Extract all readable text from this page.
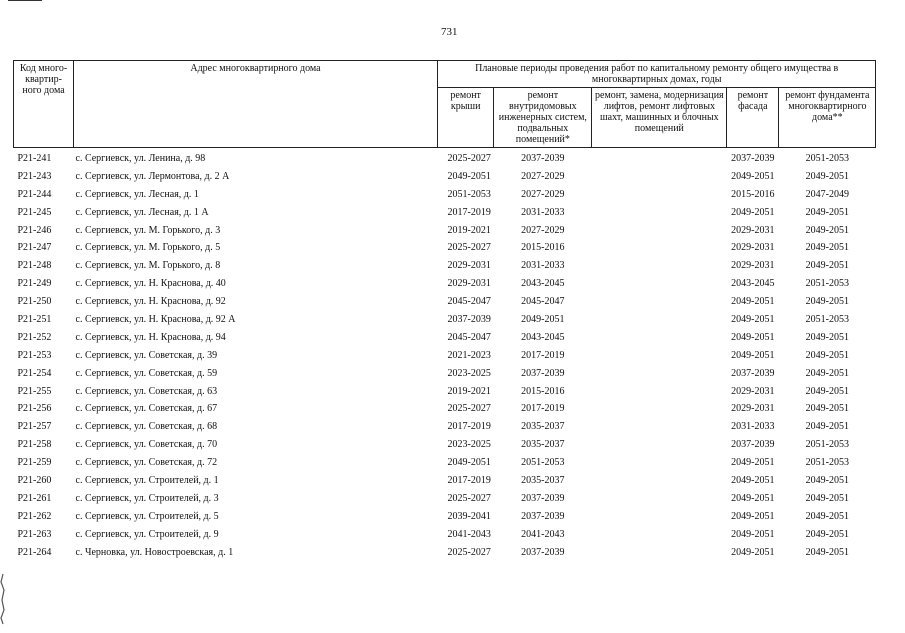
731
Код много-квартир-ного дома	Адрес многоквартирного дома	Плановые периоды проведения работ по капитальному ремонту общего имущества в многоквартирных домах, годы				
		ремонт крыши	ремонт внутридомовых инженерных систем, подвальных помещений*	ремонт, замена, модернизация лифтов, ремонт лифтовых шахт, машинных и блочных помещений	ремонт фасада	ремонт фундамента многоквартирного дома**
P21-241	с. Сергиевск, ул. Ленина, д. 98	2025-2027	2037-2039		2037-2039	2051-2053
P21-243	с. Сергиевск, ул. Лермонтова, д. 2 А	2049-2051	2027-2029		2049-2051	2049-2051
P21-244	с. Сергиевск, ул. Лесная, д. 1	2051-2053	2027-2029		2015-2016	2047-2049
P21-245	с. Сергиевск, ул. Лесная, д. 1 А	2017-2019	2031-2033		2049-2051	2049-2051
P21-246	с. Сергиевск, ул. М. Горького, д. 3	2019-2021	2027-2029		2029-2031	2049-2051
P21-247	с. Сергиевск, ул. М. Горького, д. 5	2025-2027	2015-2016		2029-2031	2049-2051
P21-248	с. Сергиевск, ул. М. Горького, д. 8	2029-2031	2031-2033		2029-2031	2049-2051
P21-249	с. Сергиевск, ул. Н. Краснова, д. 40	2029-2031	2043-2045		2043-2045	2051-2053
P21-250	с. Сергиевск, ул. Н. Краснова, д. 92	2045-2047	2045-2047		2049-2051	2049-2051
P21-251	с. Сергиевск, ул. Н. Краснова, д. 92 А	2037-2039	2049-2051		2049-2051	2051-2053
P21-252	с. Сергиевск, ул. Н. Краснова, д. 94	2045-2047	2043-2045		2049-2051	2049-2051
P21-253	с. Сергиевск, ул. Советская, д. 39	2021-2023	2017-2019		2049-2051	2049-2051
P21-254	с. Сергиевск, ул. Советская, д. 59	2023-2025	2037-2039		2037-2039	2049-2051
P21-255	с. Сергиевск, ул. Советская, д. 63	2019-2021	2015-2016		2029-2031	2049-2051
P21-256	с. Сергиевск, ул. Советская, д. 67	2025-2027	2017-2019		2029-2031	2049-2051
P21-257	с. Сергиевск, ул. Советская, д. 68	2017-2019	2035-2037		2031-2033	2049-2051
P21-258	с. Сергиевск, ул. Советская, д. 70	2023-2025	2035-2037		2037-2039	2051-2053
P21-259	с. Сергиевск, ул. Советская, д. 72	2049-2051	2051-2053		2049-2051	2051-2053
P21-260	с. Сергиевск, ул. Строителей, д. 1	2017-2019	2035-2037		2049-2051	2049-2051
P21-261	с. Сергиевск, ул. Строителей, д. 3	2025-2027	2037-2039		2049-2051	2049-2051
P21-262	с. Сергиевск, ул. Строителей, д. 5	2039-2041	2037-2039		2049-2051	2049-2051
P21-263	с. Сергиевск, ул. Строителей, д. 9	2041-2043	2041-2043		2049-2051	2049-2051
P21-264	с. Черновка, ул. Новостроевская, д. 1	2025-2027	2037-2039		2049-2051	2049-2051
